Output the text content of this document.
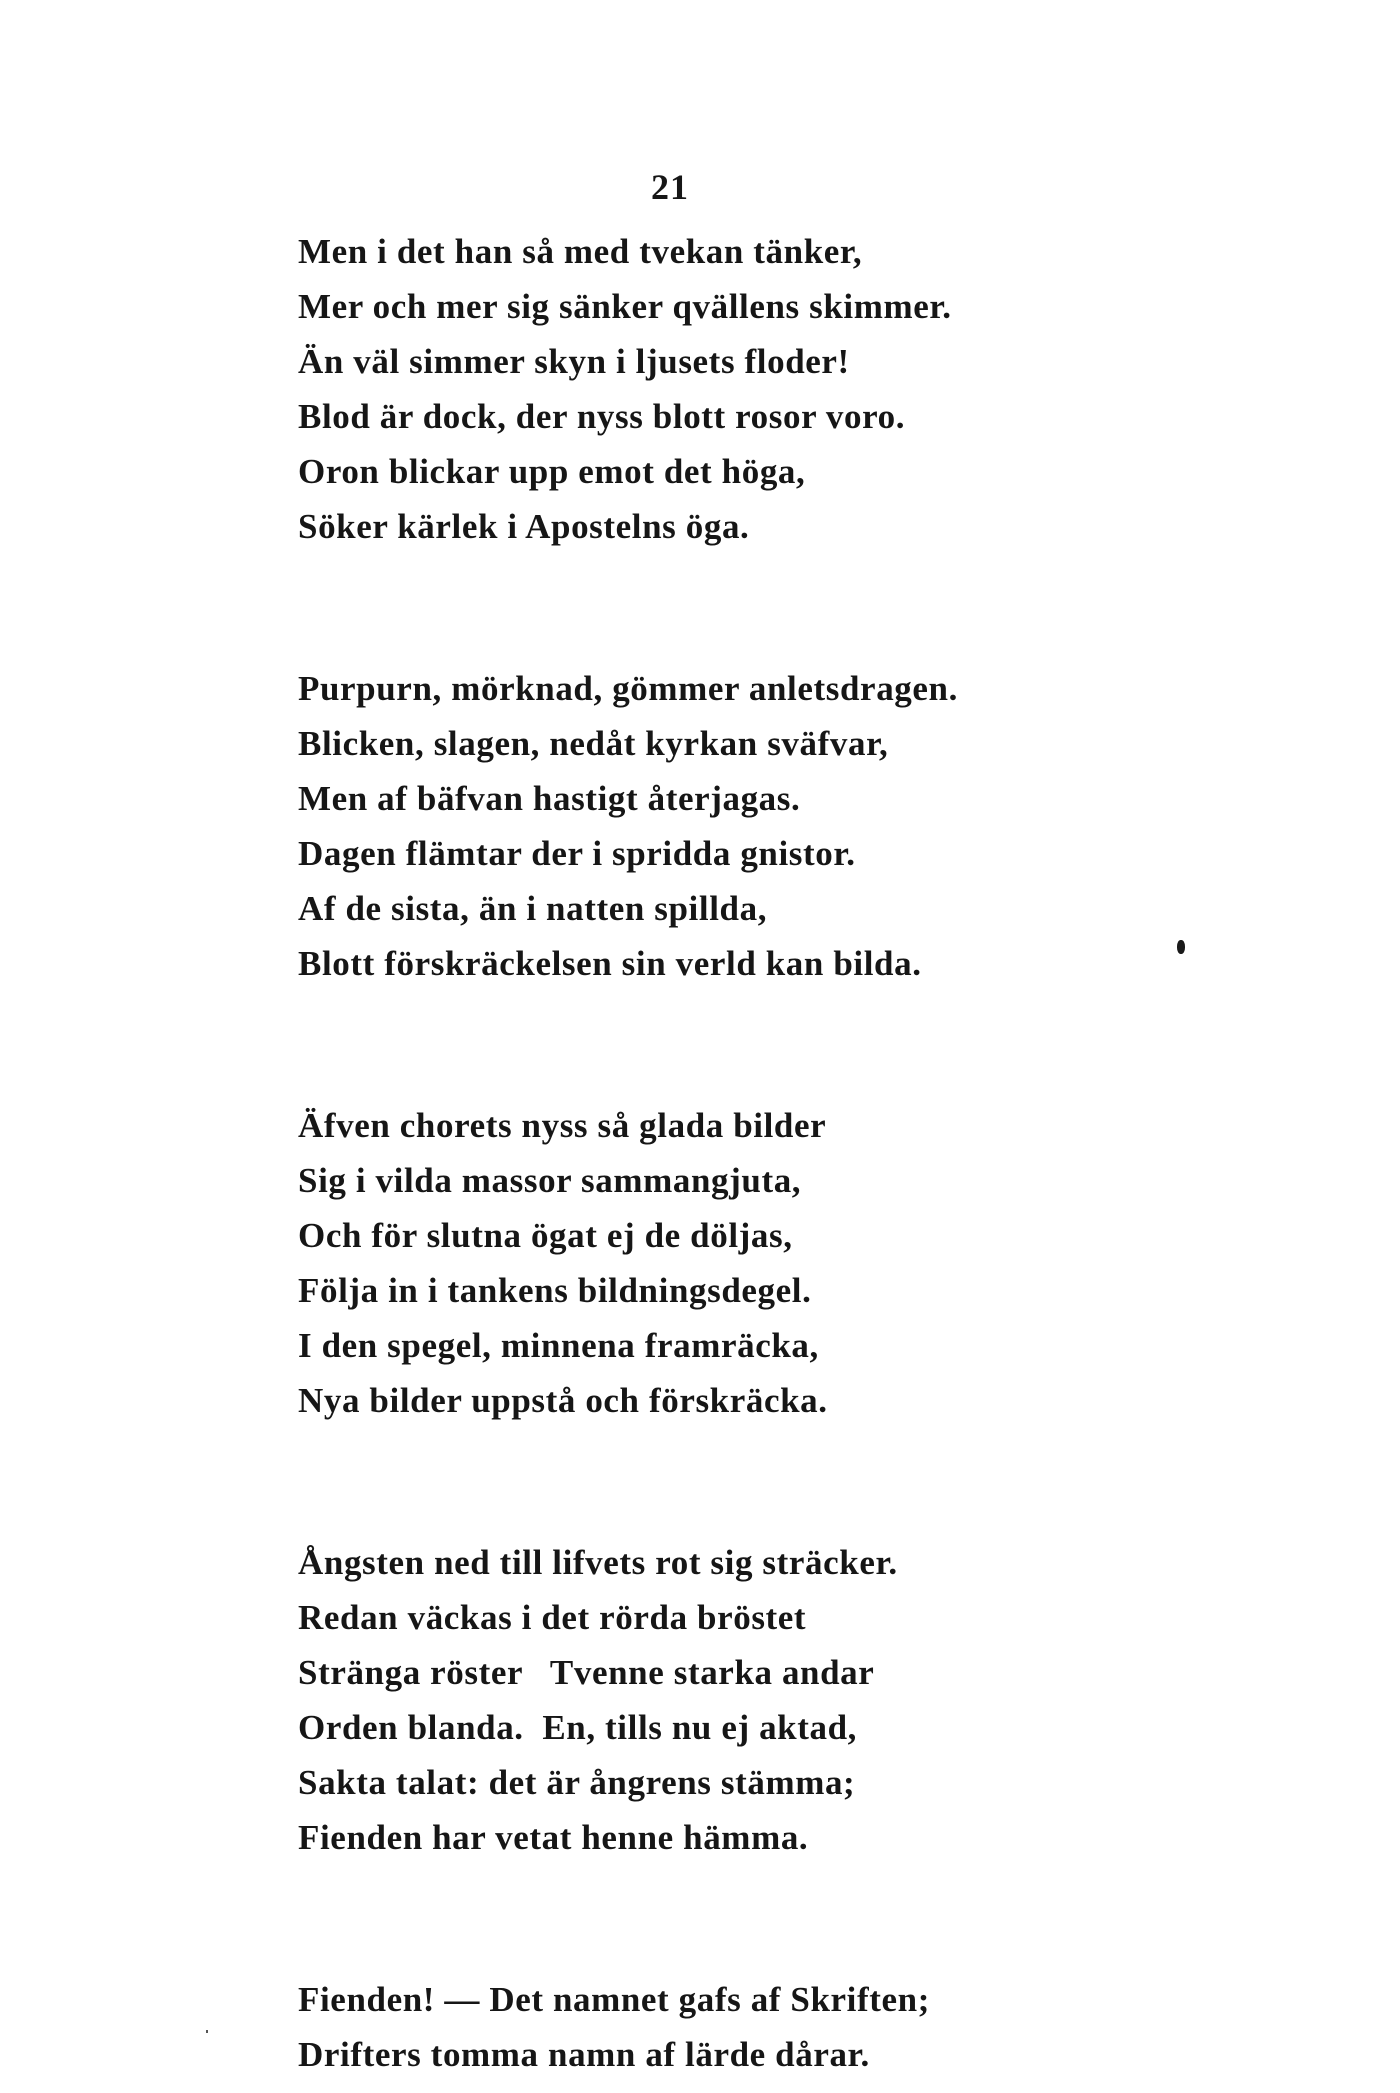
21
Men i det han så med tvekan tänker,
Mer och mer sig sänker qvällens skimmer.
Än väl simmer skyn i ljusets floder!
Blod är dock, der nyss blott rosor voro.
Oron blickar upp emot det höga,
Söker kärlek i Apostelns öga.
Purpurn, mörknad, gömmer anletsdragen.
Blicken, slagen, nedåt kyrkan sväfvar,
Men af bäfvan hastigt återjagas.
Dagen flämtar der i spridda gnistor.
Af de sista, än i natten spillda,
Blott förskräckelsen sin verld kan bilda.
Äfven chorets nyss så glada bilder
Sig i vilda massor sammangjuta,
Och för slutna ögat ej de döljas,
Följa in i tankens bildningsdegel.
I den spegel, minnena framräcka,
Nya bilder uppstå och förskräcka.
Ångsten ned till lifvets rot sig sträcker.
Redan väckas i det rörda bröstet
Stränga röster   Tvenne starka andar
Orden blanda.  En, tills nu ej aktad,
Sakta talat: det är ångrens stämma;
Fienden har vetat henne hämma.
Fienden! — Det namnet gafs af Skriften;
Drifters tomma namn af lärde dårar.
